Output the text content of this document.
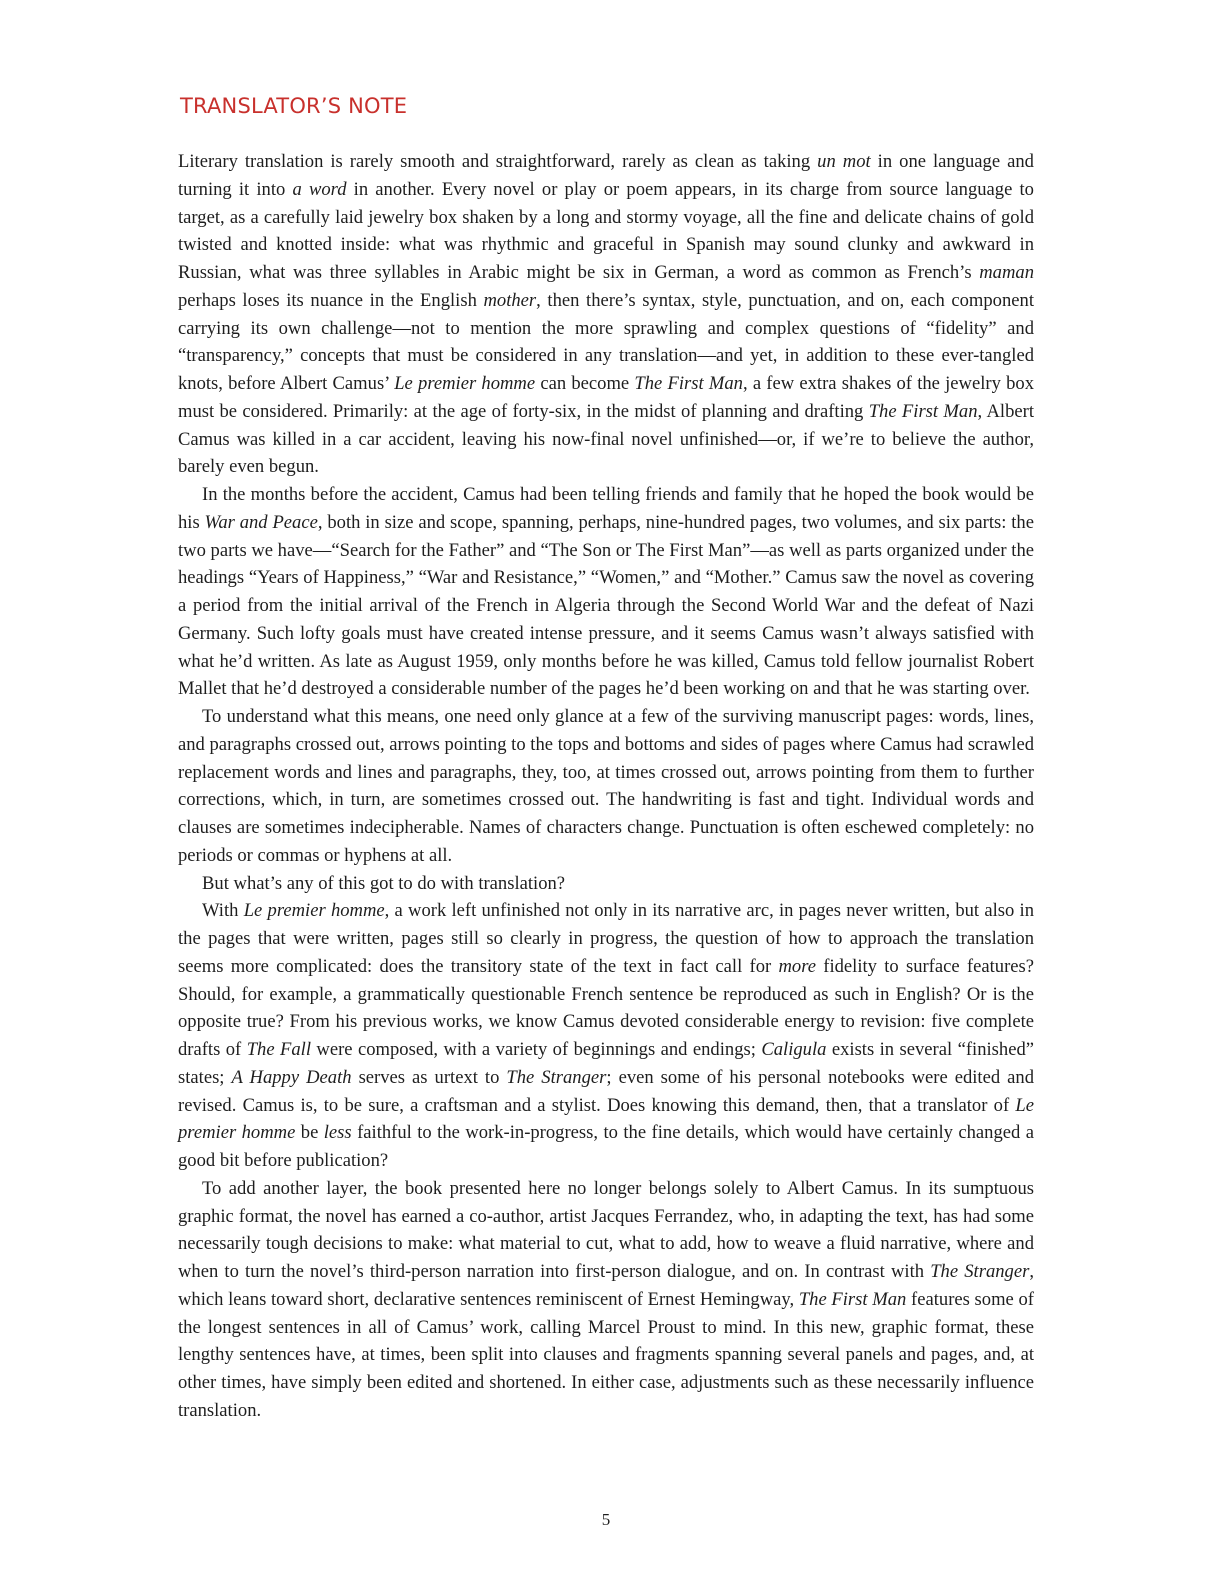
TRANSLATOR’S NOTE

Literary translation is rarely smooth and straightforward, rarely as clean as taking un mot in one language and turning it into a word in another. Every novel or play or poem appears, in its charge from source language to target, as a carefully laid jewelry box shaken by a long and stormy voyage, all the fine and delicate chains of gold twisted and knotted inside: what was rhythmic and graceful in Spanish may sound clunky and awkward in Russian, what was three syllables in Arabic might be six in German, a word as common as French’s maman perhaps loses its nuance in the English mother, then there’s syntax, style, punctuation, and on, each component carrying its own challenge—not to mention the more sprawling and complex questions of “fidelity” and “transparency,” concepts that must be considered in any translation—and yet, in addition to these ever-tangled knots, before Albert Camus’ Le premier homme can become The First Man, a few extra shakes of the jewelry box must be considered. Primarily: at the age of forty-six, in the midst of planning and drafting The First Man, Albert Camus was killed in a car accident, leaving his now-final novel unfinished—or, if we’re to believe the author, barely even begun.

In the months before the accident, Camus had been telling friends and family that he hoped the book would be his War and Peace, both in size and scope, spanning, perhaps, nine-hundred pages, two volumes, and six parts: the two parts we have—“Search for the Father” and “The Son or The First Man”—as well as parts organized under the headings “Years of Happiness,” “War and Resistance,” “Women,” and “Mother.” Camus saw the novel as covering a period from the initial arrival of the French in Algeria through the Second World War and the defeat of Nazi Germany. Such lofty goals must have created intense pressure, and it seems Camus wasn’t always satisfied with what he’d written. As late as August 1959, only months before he was killed, Camus told fellow journalist Robert Mallet that he’d destroyed a considerable number of the pages he’d been working on and that he was starting over.

To understand what this means, one need only glance at a few of the surviving manuscript pages: words, lines, and paragraphs crossed out, arrows pointing to the tops and bottoms and sides of pages where Camus had scrawled replacement words and lines and paragraphs, they, too, at times crossed out, arrows pointing from them to further corrections, which, in turn, are sometimes crossed out. The handwriting is fast and tight. Individual words and clauses are sometimes indecipherable. Names of characters change. Punctuation is often eschewed completely: no periods or commas or hyphens at all.

But what’s any of this got to do with translation?

With Le premier homme, a work left unfinished not only in its narrative arc, in pages never written, but also in the pages that were written, pages still so clearly in progress, the question of how to approach the translation seems more complicated: does the transitory state of the text in fact call for more fidelity to surface features? Should, for example, a grammatically questionable French sentence be reproduced as such in English? Or is the opposite true? From his previous works, we know Camus devoted considerable energy to revision: five complete drafts of The Fall were composed, with a variety of beginnings and endings; Caligula exists in several “finished” states; A Happy Death serves as urtext to The Stranger; even some of his personal notebooks were edited and revised. Camus is, to be sure, a craftsman and a stylist. Does knowing this demand, then, that a translator of Le premier homme be less faithful to the work-in-progress, to the fine details, which would have certainly changed a good bit before publication?

To add another layer, the book presented here no longer belongs solely to Albert Camus. In its sumptuous graphic format, the novel has earned a co-author, artist Jacques Ferrandez, who, in adapting the text, has had some necessarily tough decisions to make: what material to cut, what to add, how to weave a fluid narrative, where and when to turn the novel’s third-person narration into first-person dialogue, and on. In contrast with The Stranger, which leans toward short, declarative sentences reminiscent of Ernest Hemingway, The First Man features some of the longest sentences in all of Camus’ work, calling Marcel Proust to mind. In this new, graphic format, these lengthy sentences have, at times, been split into clauses and fragments spanning several panels and pages, and, at other times, have simply been edited and shortened. In either case, adjustments such as these necessarily influence translation.

5
